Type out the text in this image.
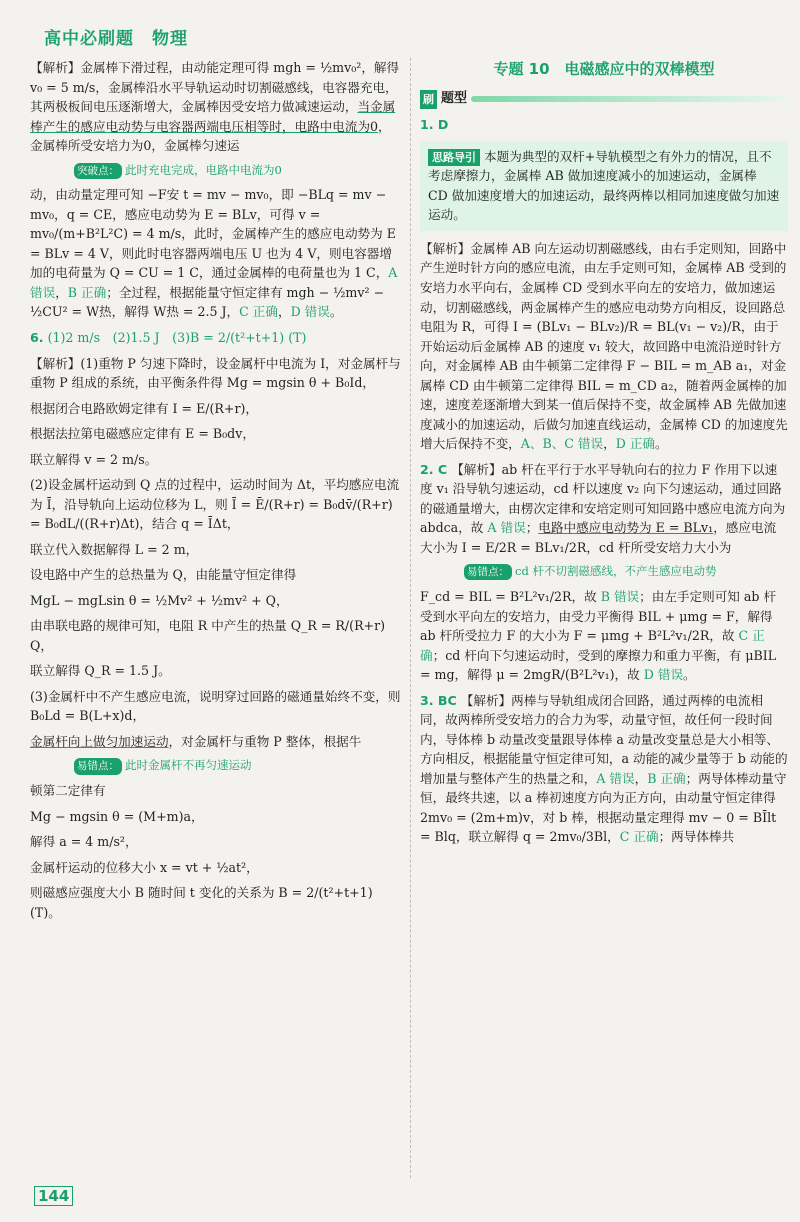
高中必刷题　物理

【解析】金属棒下滑过程，由动能定理可得 mgh = ½mv₀²，解得 v₀ = 5 m/s，金属棒沿水平导轨运动时切割磁感线，电容器充电，其两极板间电压逐渐增大，金属棒因受安培力做减速运动，当金属棒产生的感应电动势与电容器两端电压相等时，电路中电流为0，金属棒所受安培力为0，金属棒匀速运

突破点： 此时充电完成，电路中电流为0

动，由动量定理可知 −F安 t = mv − mv₀，即 −BLq = mv − mv₀，q = CE，感应电动势为 E = BLv，可得 v = mv₀/(m+B²L²C) = 4 m/s，此时，金属棒产生的感应电动势为 E = BLv = 4 V，则此时电容器两端电压 U 也为 4 V，则电容器增加的电荷量为 Q = CU = 1 C，通过金属棒的电荷量也为 1 C，A 错误，B 正确；全过程，根据能量守恒定律有 mgh − ½mv² − ½CU² = W热，解得 W热 = 2.5 J，C 正确，D 错误。

6. (1)2 m/s　(2)1.5 J　(3)B = 2/(t²+t+1) (T)

【解析】(1)重物 P 匀速下降时，设金属杆中电流为 I，对金属杆与重物 P 组成的系统，由平衡条件得 Mg = mgsin θ + B₀Id，

根据闭合电路欧姆定律有 I = E/(R+r)，

根据法拉第电磁感应定律有 E = B₀dv，

联立解得 v = 2 m/s。

(2)设金属杆运动到 Q 点的过程中，运动时间为 Δt，平均感应电流为 Ī，沿导轨向上运动位移为 L，则 Ī = Ē/(R+r) = B₀dv̄/(R+r) = B₀dL/((R+r)Δt)，结合 q = ĪΔt，

联立代入数据解得 L = 2 m，

设电路中产生的总热量为 Q，由能量守恒定律得

MgL − mgLsin θ = ½Mv² + ½mv² + Q，

由串联电路的规律可知，电阻 R 中产生的热量 Q_R = R/(R+r) Q，

联立解得 Q_R = 1.5 J。

(3)金属杆中不产生感应电流，说明穿过回路的磁通量始终不变，则 B₀Ld = B(L+x)d，

金属杆向上做匀加速运动，对金属杆与重物 P 整体，根据牛

易错点： 此时金属杆不再匀速运动

顿第二定律有

Mg − mgsin θ = (M+m)a，

解得 a = 4 m/s²，

金属杆运动的位移大小 x = vt + ½at²，

则磁感应强度大小 B 随时间 t 变化的关系为 B = 2/(t²+t+1) (T)。

专题 10　电磁感应中的双棒模型
刷 题型

1. D

思路导引 本题为典型的双杆+导轨模型之有外力的情况，且不考虑摩擦力，金属棒 AB 做加速度减小的加速运动，金属棒 CD 做加速度增大的加速运动，最终两棒以相同加速度做匀加速运动。

【解析】金属棒 AB 向左运动切割磁感线，由右手定则知，回路中产生逆时针方向的感应电流，由左手定则可知，金属棒 AB 受到的安培力水平向右，金属棒 CD 受到水平向左的安培力，做加速运动，切割磁感线，两金属棒产生的感应电动势方向相反，设回路总电阻为 R，可得 I = (BLv₁ − BLv₂)/R = BL(v₁ − v₂)/R，由于开始运动后金属棒 AB 的速度 v₁ 较大，故回路中电流沿逆时针方向，对金属棒 AB 由牛顿第二定律得 F − BIL = m_AB a₁，对金属棒 CD 由牛顿第二定律得 BIL = m_CD a₂，随着两金属棒的加速，速度差逐渐增大到某一值后保持不变，故金属棒 AB 先做加速度减小的加速运动，后做匀加速直线运动，金属棒 CD 的加速度先增大后保持不变，A、B、C 错误，D 正确。

2. C 【解析】ab 杆在平行于水平导轨向右的拉力 F 作用下以速度 v₁ 沿导轨匀速运动，cd 杆以速度 v₂ 向下匀速运动，通过回路的磁通量增大，由楞次定律和安培定则可知回路中感应电流方向为 abdca，故 A 错误；电路中感应电动势为 E = BLv₁，感应电流大小为 I = E/2R = BLv₁/2R，cd 杆所受安培力大小为

易错点： cd 杆不切割磁感线，不产生感应电动势

F_cd = BIL = B²L²v₁/2R，故 B 错误；由左手定则可知 ab 杆受到水平向左的安培力，由受力平衡得 BIL + μmg = F，解得 ab 杆所受拉力 F 的大小为 F = μmg + B²L²v₁/2R，故 C 正确；cd 杆向下匀速运动时，受到的摩擦力和重力平衡，有 μBIL = mg，解得 μ = 2mgR/(B²L²v₁)，故 D 错误。

3. BC 【解析】两棒与导轨组成闭合回路，通过两棒的电流相同，故两棒所受安培力的合力为零，动量守恒，故任何一段时间内，导体棒 b 动量改变量跟导体棒 a 动量改变量总是大小相等、方向相反，根据能量守恒定律可知，a 动能的减少量等于 b 动能的增加量与整体产生的热量之和，A 错误，B 正确；两导体棒动量守恒，最终共速，以 a 棒初速度方向为正方向，由动量守恒定律得 2mv₀ = (2m+m)v，对 b 棒，根据动量定理得 mv − 0 = BĪlt = Blq，联立解得 q = 2mv₀/3Bl，C 正确；两导体棒共

144
